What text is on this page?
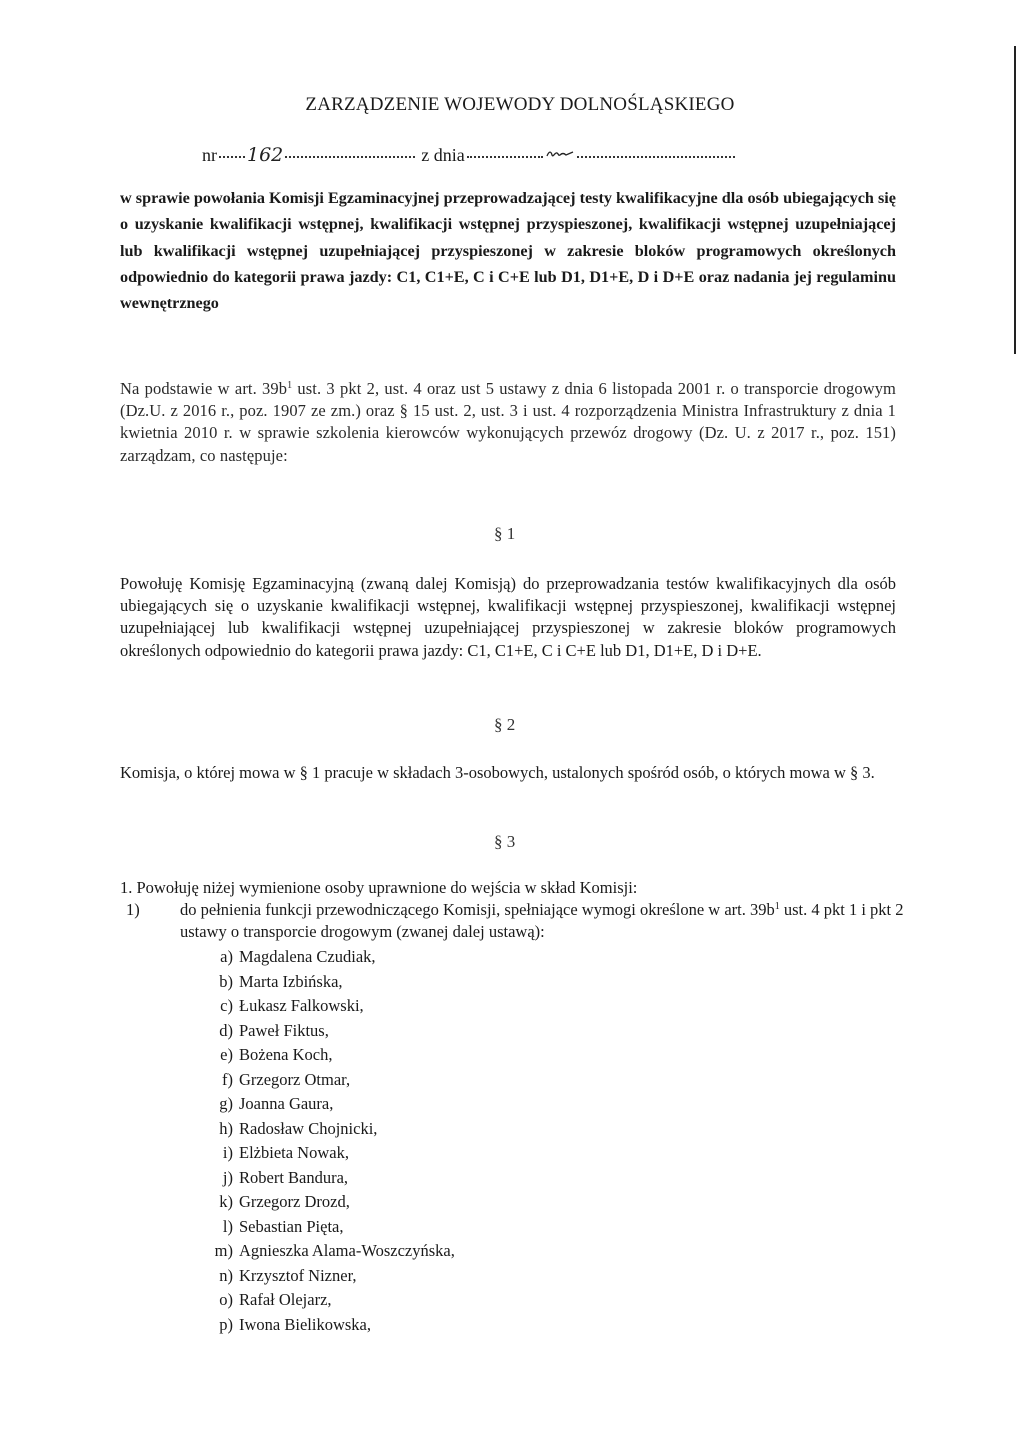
ZARZĄDZENIE WOJEWODY DOLNOŚLĄSKIEGO
nr 162	z dnia
w sprawie powołania Komisji Egzaminacyjnej przeprowadzającej testy kwalifikacyjne dla osób ubiegających się o uzyskanie kwalifikacji wstępnej, kwalifikacji wstępnej przyspieszonej, kwalifikacji wstępnej uzupełniającej lub kwalifikacji wstępnej uzupełniającej przyspieszonej w zakresie bloków programowych określonych odpowiednio do kategorii prawa jazdy: C1, C1+E, C i C+E lub D1, D1+E, D i D+E oraz nadania jej regulaminu wewnętrznego
Na podstawie w art. $39b^1$ ust. 3 pkt 2, ust. 4 oraz ust 5 ustawy z dnia 6 listopada 2001 r. o transporcie drogowym (Dz.U. z 2016 r., poz. 1907 ze zm.) oraz § 15 ust. 2, ust. 3 i ust. 4 rozporządzenia Ministra Infrastruktury z dnia 1 kwietnia 2010 r. w sprawie szkolenia kierowców wykonujących przewóz drogowy (Dz. U. z 2017 r., poz. 151) zarządzam, co następuje:
§ 1
Powołuję Komisję Egzaminacyjną (zwaną dalej Komisją) do przeprowadzania testów kwalifikacyjnych dla osób ubiegających się o uzyskanie kwalifikacji wstępnej, kwalifikacji wstępnej przyspieszonej, kwalifikacji wstępnej uzupełniającej lub kwalifikacji wstępnej uzupełniającej przyspieszonej w zakresie bloków programowych określonych odpowiednio do kategorii prawa jazdy: C1, C1+E, C i C+E lub D1, D1+E, D i D+E.
§ 2
Komisja, o której mowa w § 1 pracuje w składach 3-osobowych, ustalonych spośród osób, o których mowa w § 3.
§ 3
1. Powołuję niżej wymienione osoby uprawnione do wejścia w skład Komisji:
1)	do pełnienia funkcji przewodniczącego Komisji, spełniające wymogi określone w art. $39b^1$ ust. 4 pkt 1 i pkt 2 ustawy o transporcie drogowym (zwanej dalej ustawą):
a) Magdalena Czudiak,
b) Marta Izbińska,
c) Łukasz Falkowski,
d) Paweł Fiktus,
e) Bożena Koch,
f) Grzegorz Otmar,
g) Joanna Gaura,
h) Radosław Chojnicki,
i) Elżbieta Nowak,
j) Robert Bandura,
k) Grzegorz Drozd,
l) Sebastian Pięta,
m) Agnieszka Alama-Woszczyńska,
n) Krzysztof Nizner,
o) Rafał Olejarz,
p) Iwona Bielikowska,
